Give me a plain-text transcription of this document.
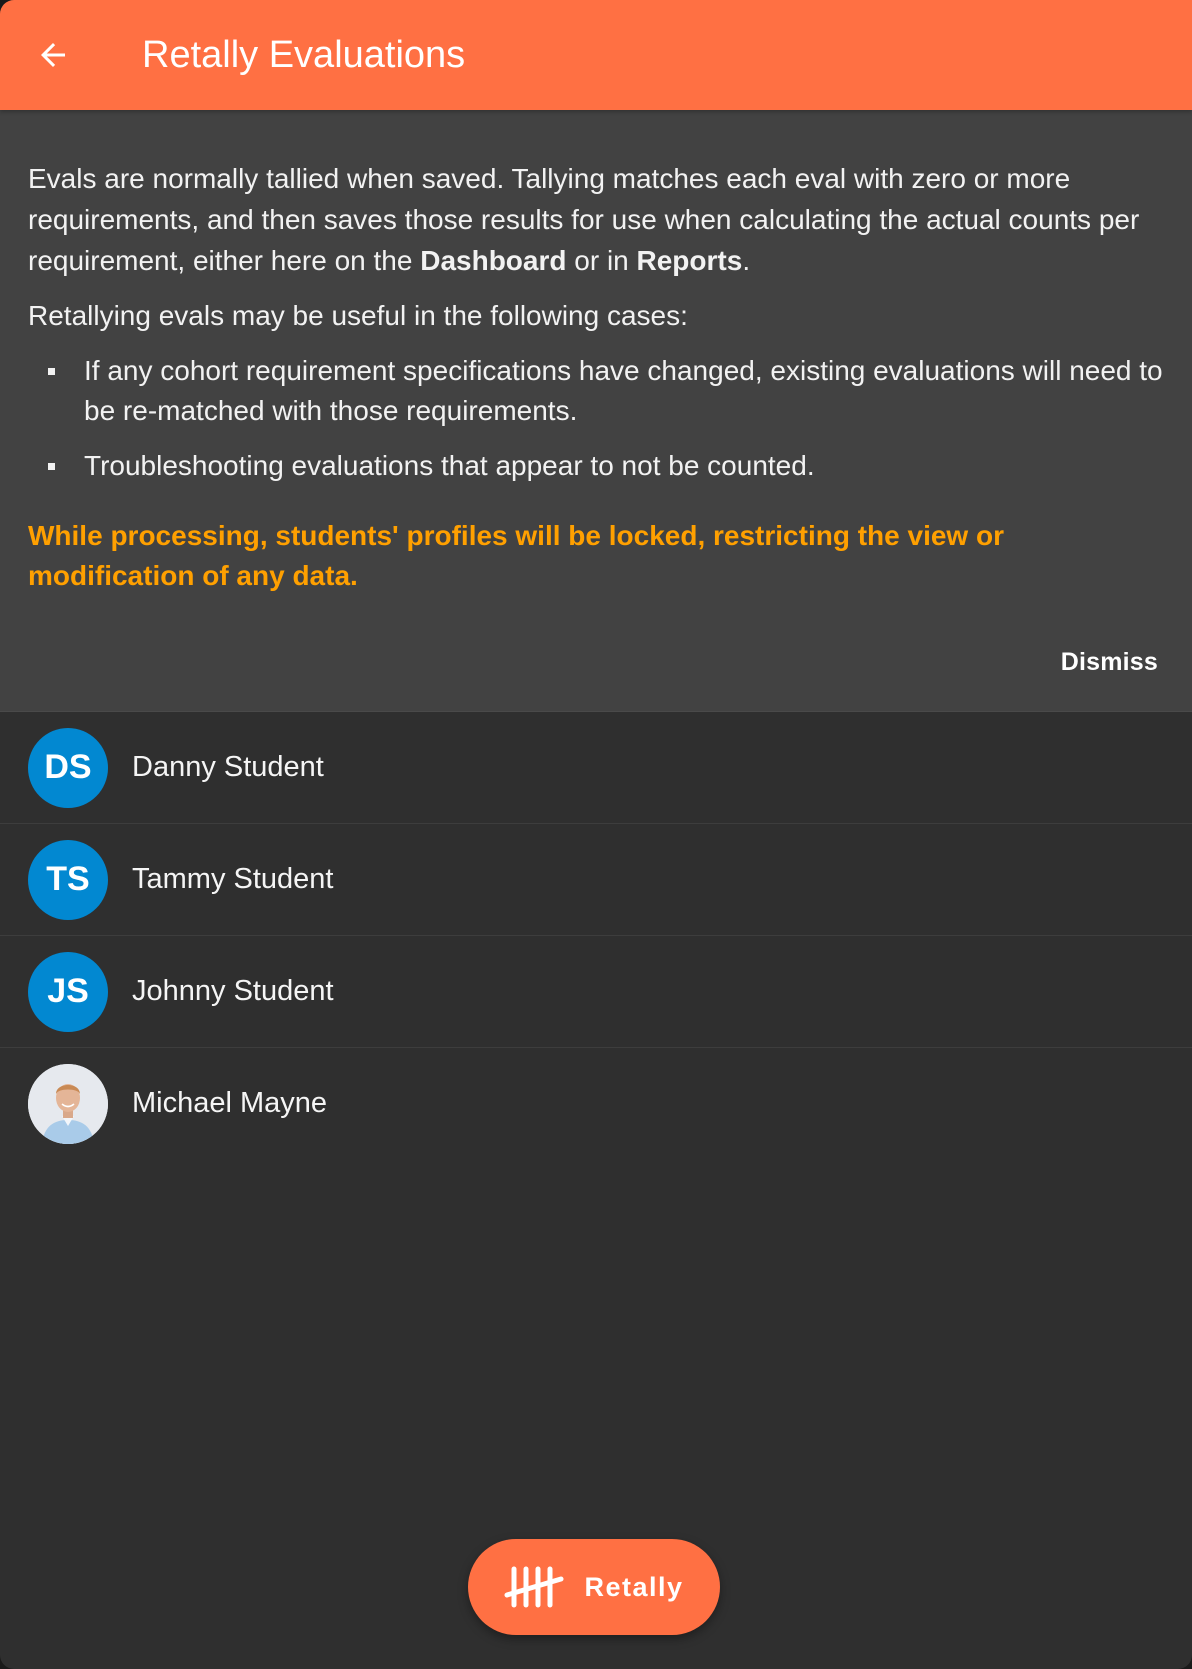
Retally Evaluations

Evals are normally tallied when saved. Tallying matches each eval with zero or more requirements, and then saves those results for use when calculating the actual counts per requirement, either here on the Dashboard or in Reports.

Retallying evals may be useful in the following cases:

If any cohort requirement specifications have changed, existing evaluations will need to be re-matched with those requirements.
Troubleshooting evaluations that appear to not be counted.

While processing, students' profiles will be locked, restricting the view or modification of any data.

Dismiss
DS	Danny Student
TS	Tammy Student
JS	Johnny Student
Michael Mayne
Retally
